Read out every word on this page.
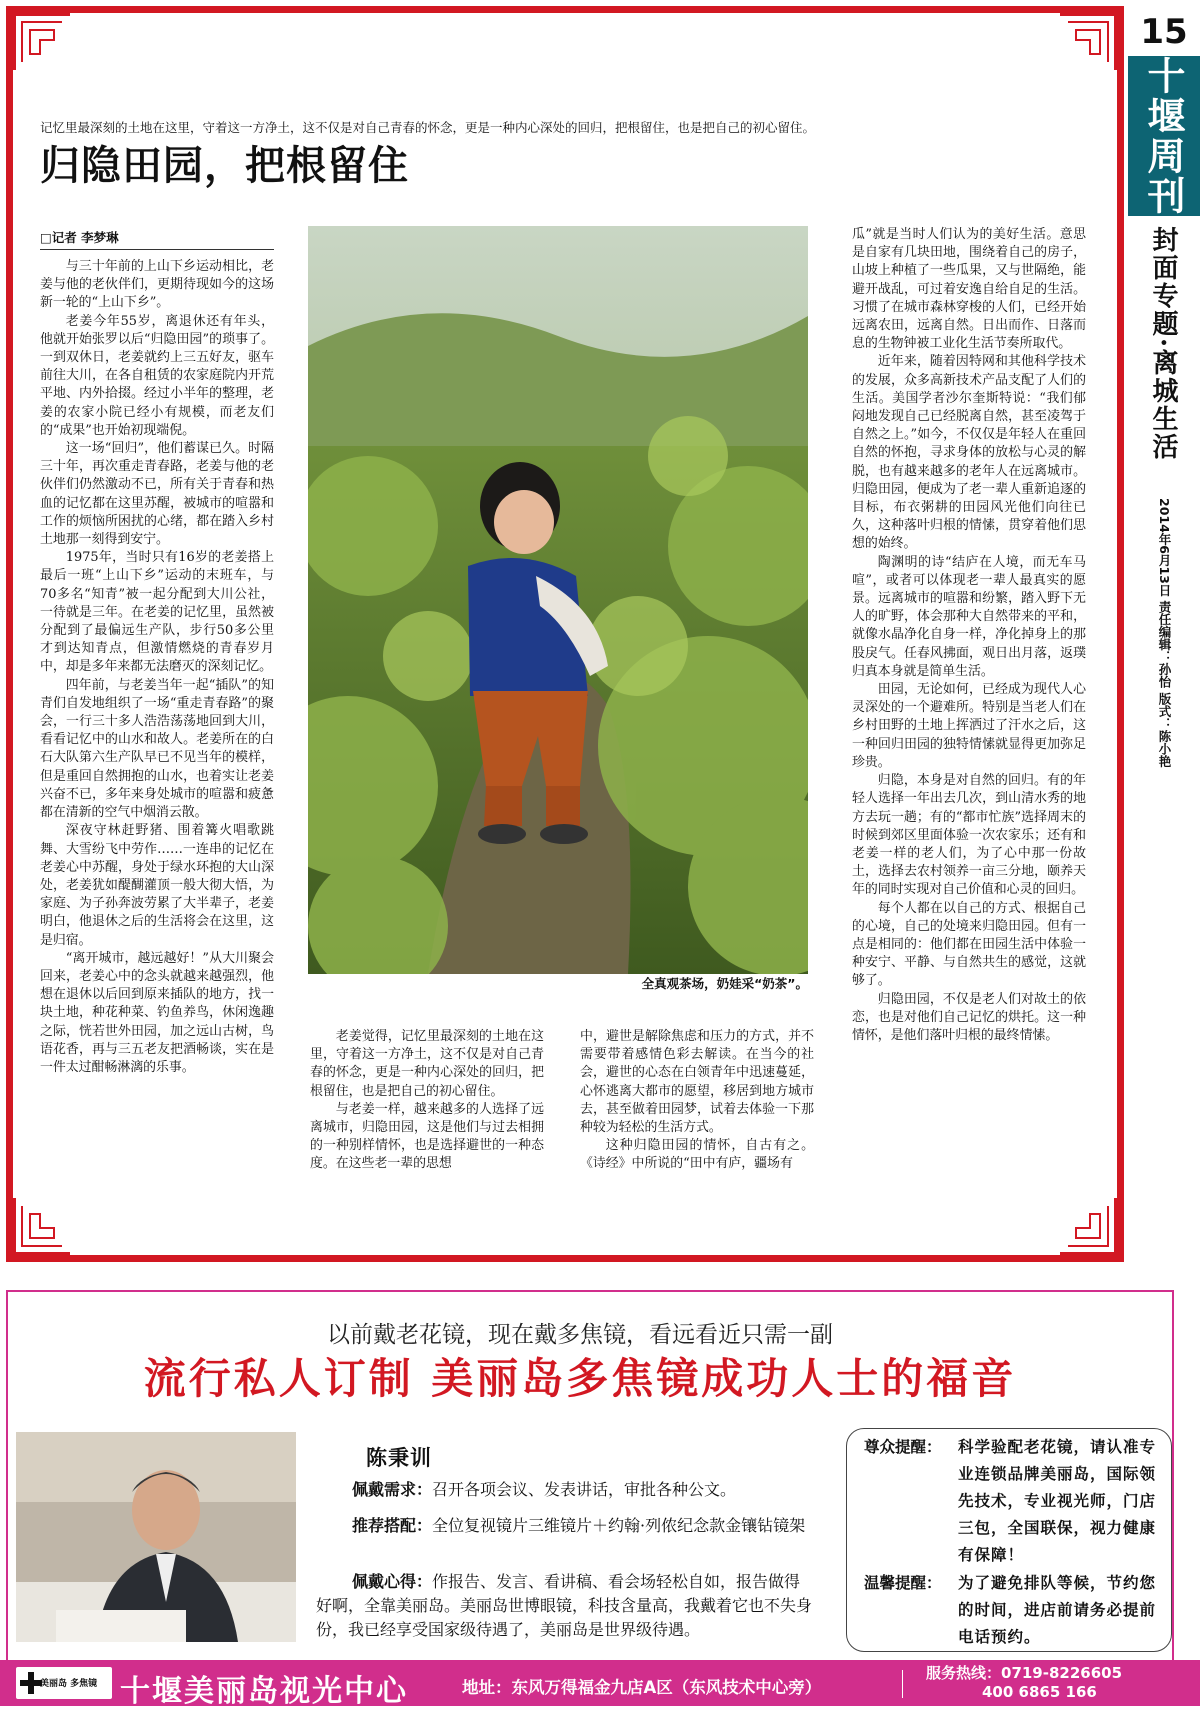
15
十堰周刊
封面专题·离城生活
2014年6月13日 责任编辑：孙怡 版式：陈小艳
记忆里最深刻的土地在这里，守着这一方净土，这不仅是对自己青春的怀念，更是一种内心深处的回归，把根留住，也是把自己的初心留住。
归隐田园，把根留住
□记者 李梦琳

与三十年前的上山下乡运动相比，老姜与他的老伙伴们，更期待现如今的这场新一轮的“上山下乡”。

老姜今年55岁，离退休还有年头，他就开始张罗以后“归隐田园”的琐事了。一到双休日，老姜就约上三五好友，驱车前往大川，在各自租赁的农家庭院内开荒平地、内外拾掇。经过小半年的整理，老姜的农家小院已经小有规模，而老友们的“成果”也开始初现端倪。

这一场“回归”，他们蓄谋已久。时隔三十年，再次重走青春路，老姜与他的老伙伴们仍然激动不已，所有关于青春和热血的记忆都在这里苏醒，被城市的喧嚣和工作的烦恼所困扰的心绪，都在踏入乡村土地那一刻得到安宁。

1975年，当时只有16岁的老姜搭上最后一班“上山下乡”运动的末班车，与70多名“知青”被一起分配到大川公社，一待就是三年。在老姜的记忆里，虽然被分配到了最偏远生产队，步行50多公里才到达知青点，但激情燃烧的青春岁月中，却是多年来都无法磨灭的深刻记忆。

四年前，与老姜当年一起“插队”的知青们自发地组织了一场“重走青春路”的聚会，一行三十多人浩浩荡荡地回到大川，看看记忆中的山水和故人。老姜所在的白石大队第六生产队早已不见当年的模样，但是重回自然拥抱的山水，也着实让老姜兴奋不已，多年来身处城市的喧嚣和疲惫都在清新的空气中烟消云散。

深夜守林赶野猪、围着篝火唱歌跳舞、大雪纷飞中劳作……一连串的记忆在老姜心中苏醒，身处于绿水环抱的大山深处，老姜犹如醍醐灌顶一般大彻大悟，为家庭、为子孙奔波劳累了大半辈子，老姜明白，他退休之后的生活将会在这里，这是归宿。

“离开城市，越远越好！”从大川聚会回来，老姜心中的念头就越来越强烈，他想在退休以后回到原来插队的地方，找一块土地，种花种菜、钓鱼养鸟，休闲逸趣之际，恍若世外田园，加之远山古树，鸟语花香，再与三五老友把酒畅谈，实在是一件太过酣畅淋漓的乐事。

全真观茶场，奶娃采“奶茶”。

老姜觉得，记忆里最深刻的土地在这里，守着这一方净土，这不仅是对自己青春的怀念，更是一种内心深处的回归，把根留住，也是把自己的初心留住。

与老姜一样，越来越多的人选择了远离城市，归隐田园，这是他们与过去相拥的一种别样情怀，也是选择避世的一种态度。在这些老一辈的思想

中，避世是解除焦虑和压力的方式，并不需要带着感情色彩去解读。在当今的社会，避世的心态在白领青年中迅速蔓延，心怀逃离大都市的愿望，移居到地方城市去，甚至做着田园梦，试着去体验一下那种较为轻松的生活方式。

这种归隐田园的情怀，自古有之。《诗经》中所说的“田中有庐，疆场有

瓜”就是当时人们认为的美好生活。意思是自家有几块田地，围绕着自己的房子，山坡上种植了一些瓜果，又与世隔绝，能避开战乱，可过着安逸自给自足的生活。习惯了在城市森林穿梭的人们，已经开始远离农田，远离自然。日出而作、日落而息的生物钟被工业化生活节奏所取代。

近年来，随着因特网和其他科学技术的发展，众多高新技术产品支配了人们的生活。美国学者沙尔奎斯特说：“我们郁闷地发现自己已经脱离自然，甚至凌驾于自然之上。”如今，不仅仅是年轻人在重回自然的怀抱，寻求身体的放松与心灵的解脱，也有越来越多的老年人在远离城市。归隐田园，便成为了老一辈人重新追逐的目标，布衣粥耕的田园风光他们向往已久，这种落叶归根的情愫，贯穿着他们思想的始终。

陶渊明的诗“结庐在人境，而无车马喧”，或者可以体现老一辈人最真实的愿景。远离城市的喧嚣和纷繁，踏入野下无人的旷野，体会那种大自然带来的平和，就像水晶净化自身一样，净化掉身上的那股戾气。任春风拂面，观日出月落，返璞归真本身就是简单生活。

田园，无论如何，已经成为现代人心灵深处的一个避难所。特别是当老人们在乡村田野的土地上挥洒过了汗水之后，这一种回归田园的独特情愫就显得更加弥足珍贵。

归隐，本身是对自然的回归。有的年轻人选择一年出去几次，到山清水秀的地方去玩一趟；有的“都市忙族”选择周末的时候到郊区里面体验一次农家乐；还有和老姜一样的老人们，为了心中那一份故土，选择去农村领养一亩三分地，颐养天年的同时实现对自己价值和心灵的回归。

每个人都在以自己的方式、根据自己的心境，自己的处境来归隐田园。但有一点是相同的：他们都在田园生活中体验一种安宁、平静、与自然共生的感觉，这就够了。

归隐田园，不仅是老人们对故土的依恋，也是对他们自己记忆的烘托。这一种情怀，是他们落叶归根的最终情愫。

以前戴老花镜，现在戴多焦镜，看远看近只需一副
流行私人订制 美丽岛多焦镜成功人士的福音
陈秉训
佩戴需求：召开各项会议、发表讲话，审批各种公文。
推荐搭配：全位复视镜片三维镜片＋约翰·列侬纪念款金镶钻镜架
佩戴心得：作报告、发言、看讲稿、看会场轻松自如，报告做得好啊，全靠美丽岛。美丽岛世博眼镜，科技含量高，我戴着它也不失身份，我已经享受国家级待遇了，美丽岛是世界级待遇。
尊众提醒：	科学验配老花镜，请认准专业连锁品牌美丽岛，国际领先技术，专业视光师，门店三包，全国联保，视力健康有保障！
温馨提醒：	为了避免排队等候，节约您的时间，进店前请务必提前电话预约。
美丽岛 多焦镜 十堰美丽岛视光中心	地址：东风万得福金九店A区（东风技术中心旁）
服务热线：0719-8226605
400 6865 166
